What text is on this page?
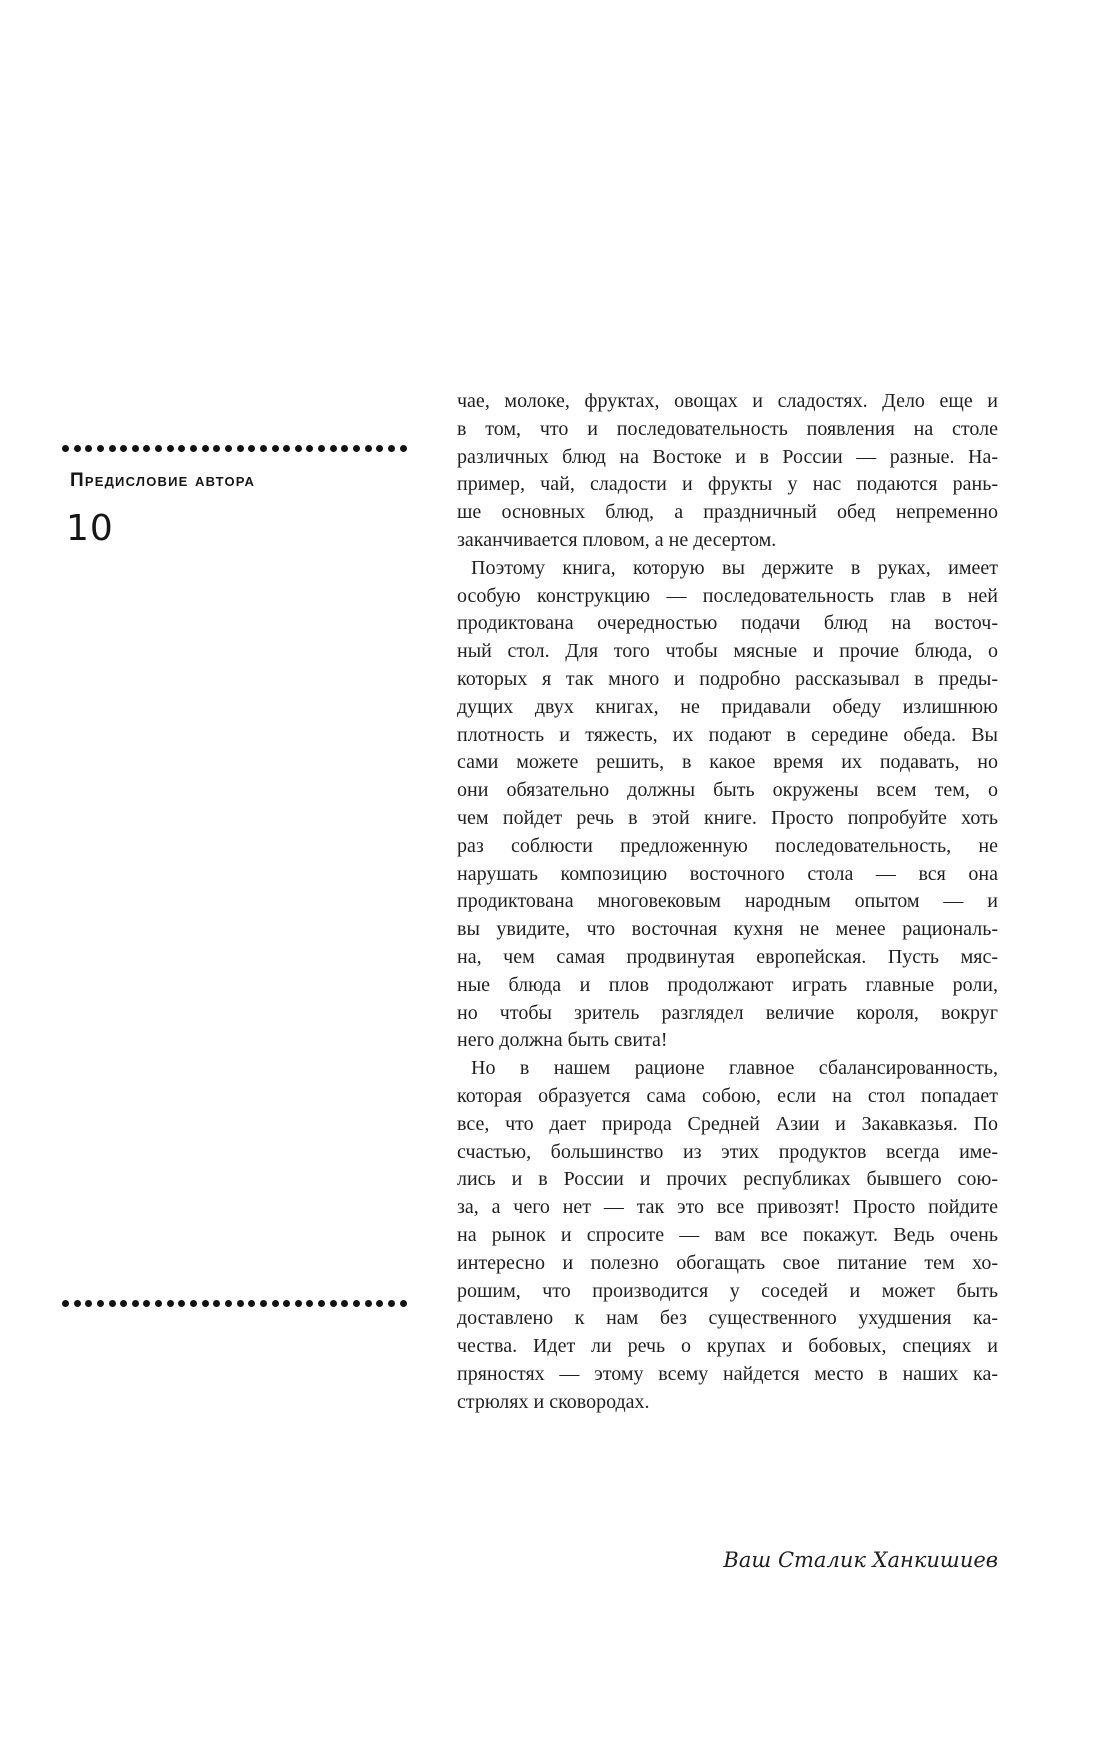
Предисловие автора
10
чае, молоке, фруктах, овощах и сладостях. Дело еще и
в том, что и последовательность появления на столе
различных блюд на Востоке и в России — разные. На-
пример, чай, сладости и фрукты у нас подаются рань-
ше основных блюд, а праздничный обед непременно
заканчивается пловом, а не десертом.
Поэтому книга, которую вы держите в руках, имеет
особую конструкцию — последовательность глав в ней
продиктована очередностью подачи блюд на восточ-
ный стол. Для того чтобы мясные и прочие блюда, о
которых я так много и подробно рассказывал в преды-
дущих двух книгах, не придавали обеду излишнюю
плотность и тяжесть, их подают в середине обеда. Вы
сами можете решить, в какое время их подавать, но
они обязательно должны быть окружены всем тем, о
чем пойдет речь в этой книге. Просто попробуйте хоть
раз соблюсти предложенную последовательность, не
нарушать композицию восточного стола — вся она
продиктована многовековым народным опытом — и
вы увидите, что восточная кухня не менее рациональ-
на, чем самая продвинутая европейская. Пусть мяс-
ные блюда и плов продолжают играть главные роли,
но чтобы зритель разглядел величие короля, вокруг
него должна быть свита!
Но в нашем рационе главное сбалансированность,
которая образуется сама собою, если на стол попадает
все, что дает природа Средней Азии и Закавказья. По
счастью, большинство из этих продуктов всегда име-
лись и в России и прочих республиках бывшего сою-
за, а чего нет — так это все привозят! Просто пойдите
на рынок и спросите — вам все покажут. Ведь очень
интересно и полезно обогащать свое питание тем хо-
рошим, что производится у соседей и может быть
доставлено к нам без существенного ухудшения ка-
чества. Идет ли речь о крупах и бобовых, специях и
пряностях — этому всему найдется место в наших ка-
стрюлях и сковородах.
Ваш Сталик Ханкишиев
